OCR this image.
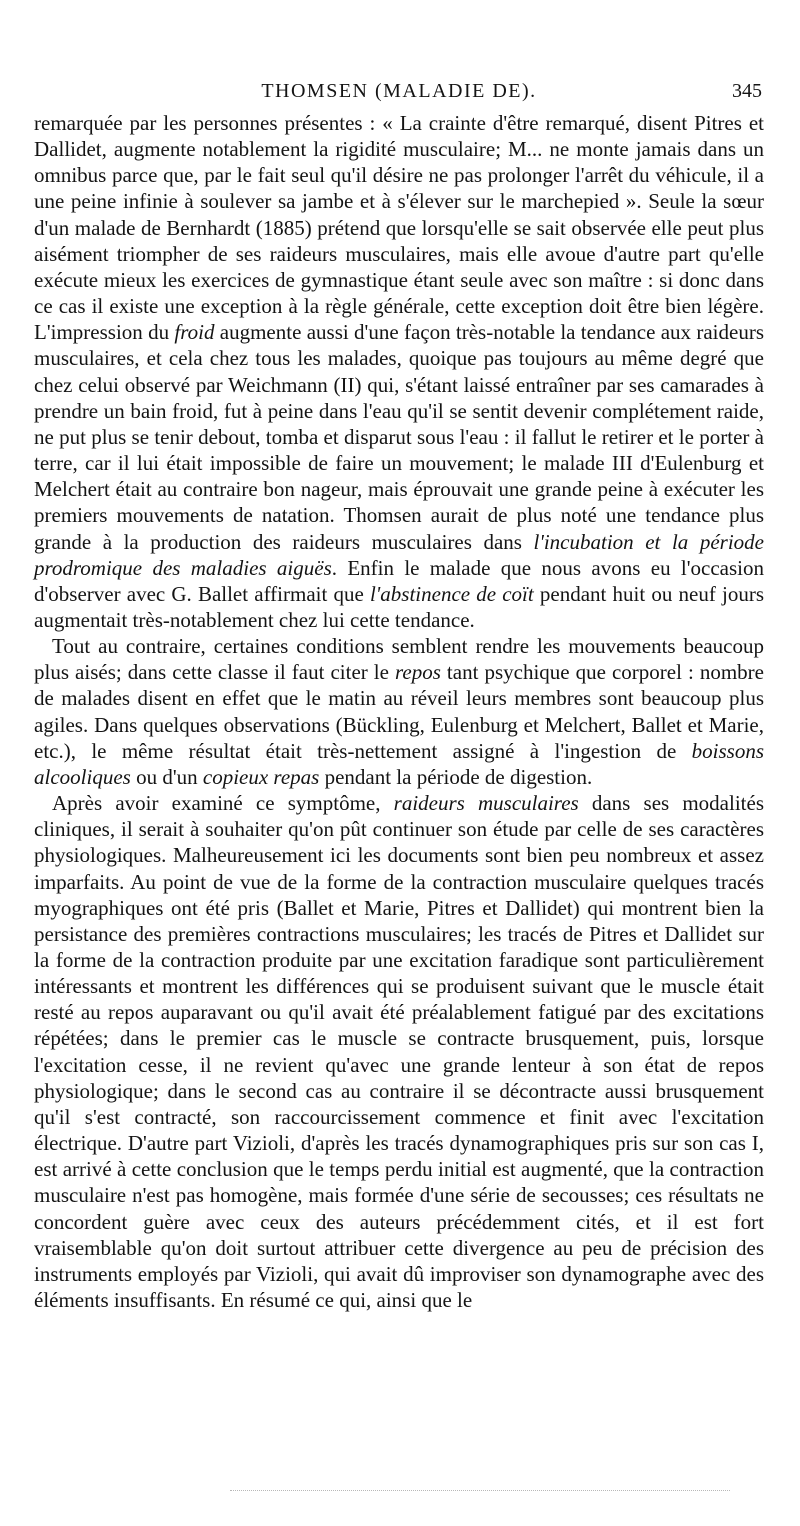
THOMSEN (MALADIE DE).	345

remarquée par les personnes présentes : « La crainte d'être remarqué, disent Pitres et Dallidet, augmente notablement la rigidité musculaire; M... ne monte jamais dans un omnibus parce que, par le fait seul qu'il désire ne pas prolonger l'arrêt du véhicule, il a une peine infinie à soulever sa jambe et à s'élever sur le marchepied ». Seule la sœur d'un malade de Bernhardt (1885) prétend que lorsqu'elle se sait observée elle peut plus aisément triompher de ses raideurs musculaires, mais elle avoue d'autre part qu'elle exécute mieux les exercices de gymnastique étant seule avec son maître : si donc dans ce cas il existe une exception à la règle générale, cette exception doit être bien légère. L'impression du froid augmente aussi d'une façon très-notable la tendance aux raideurs musculaires, et cela chez tous les malades, quoique pas toujours au même degré que chez celui observé par Weichmann (II) qui, s'étant laissé entraîner par ses camarades à prendre un bain froid, fut à peine dans l'eau qu'il se sentit devenir complétement raide, ne put plus se tenir debout, tomba et disparut sous l'eau : il fallut le retirer et le porter à terre, car il lui était impossible de faire un mouvement; le malade III d'Eulenburg et Melchert était au contraire bon nageur, mais éprouvait une grande peine à exécuter les premiers mouvements de natation. Thomsen aurait de plus noté une tendance plus grande à la production des raideurs musculaires dans l'incubation et la période prodromique des maladies aiguës. Enfin le malade que nous avons eu l'occasion d'observer avec G. Ballet affirmait que l'abstinence de coït pendant huit ou neuf jours augmentait très-notablement chez lui cette tendance.

Tout au contraire, certaines conditions semblent rendre les mouvements beaucoup plus aisés; dans cette classe il faut citer le repos tant psychique que corporel : nombre de malades disent en effet que le matin au réveil leurs membres sont beaucoup plus agiles. Dans quelques observations (Bückling, Eulenburg et Melchert, Ballet et Marie, etc.), le même résultat était très-nettement assigné à l'ingestion de boissons alcooliques ou d'un copieux repas pendant la période de digestion.

Après avoir examiné ce symptôme, raideurs musculaires dans ses modalités cliniques, il serait à souhaiter qu'on pût continuer son étude par celle de ses caractères physiologiques. Malheureusement ici les documents sont bien peu nombreux et assez imparfaits. Au point de vue de la forme de la contraction musculaire quelques tracés myographiques ont été pris (Ballet et Marie, Pitres et Dallidet) qui montrent bien la persistance des premières contractions musculaires; les tracés de Pitres et Dallidet sur la forme de la contraction produite par une excitation faradique sont particulièrement intéressants et montrent les différences qui se produisent suivant que le muscle était resté au repos auparavant ou qu'il avait été préalablement fatigué par des excitations répétées; dans le premier cas le muscle se contracte brusquement, puis, lorsque l'excitation cesse, il ne revient qu'avec une grande lenteur à son état de repos physiologique; dans le second cas au contraire il se décontracte aussi brusquement qu'il s'est contracté, son raccourcissement commence et finit avec l'excitation électrique. D'autre part Vizioli, d'après les tracés dynamographiques pris sur son cas I, est arrivé à cette conclusion que le temps perdu initial est augmenté, que la contraction musculaire n'est pas homogène, mais formée d'une série de secousses; ces résultats ne concordent guère avec ceux des auteurs précédemment cités, et il est fort vraisemblable qu'on doit surtout attribuer cette divergence au peu de précision des instruments employés par Vizioli, qui avait dû improviser son dynamographe avec des éléments insuffisants. En résumé ce qui, ainsi que le
